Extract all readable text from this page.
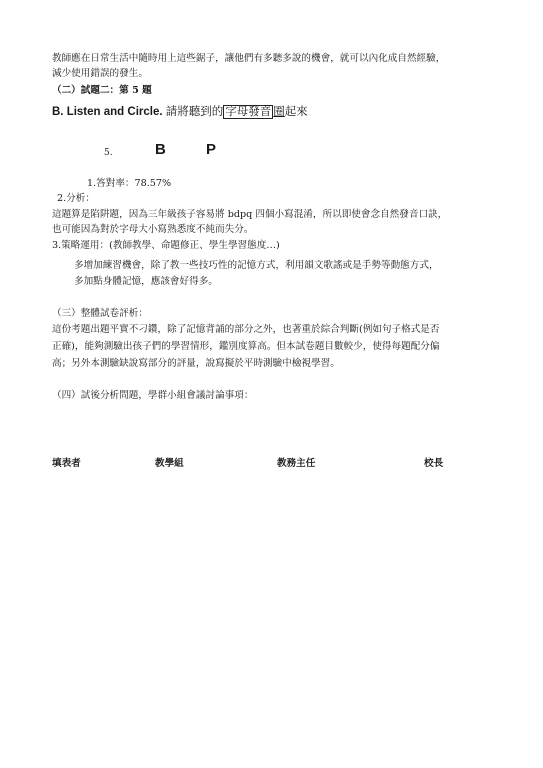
教師應在日常生活中隨時用上這些鋸子，讓他們有多聽多說的機會，就可以內化成自然經驗，
減少使用錯誤的發生。
（二）試題二：第 5 題
B. Listen and Circle. 請將聽到的 字母發音 圈起來
5.	B	P
1.答對率：78.57%
2.分析：
這題算是陷阱題，因為三年級孩子容易將 bdpq 四個小寫混淆，所以即使會念自然發音口訣，
也可能因為對於字母大小寫熟悉度不純而失分。
3.策略運用：(教師教學、命題修正、學生學習態度…)
多增加練習機會，除了教一些技巧性的記憶方式，利用韻文歌謠或是手勢等動態方式，
多加點身體記憶，應該會好得多。
（三）整體試卷評析：
這份考題出題平實不刁鑽，除了記憶背誦的部分之外，也著重於綜合判斷(例如句子格式是否
正確)，能夠測驗出孩子們的學習情形，鑑別度算高。但本試卷題目數較少，使得每題配分偏
高；另外本測驗缺說寫部分的評量，說寫擬於平時測驗中檢視學習。
（四）試後分析問題，學群小組會議討論事項：
填表者	教學組	教務主任	校長
